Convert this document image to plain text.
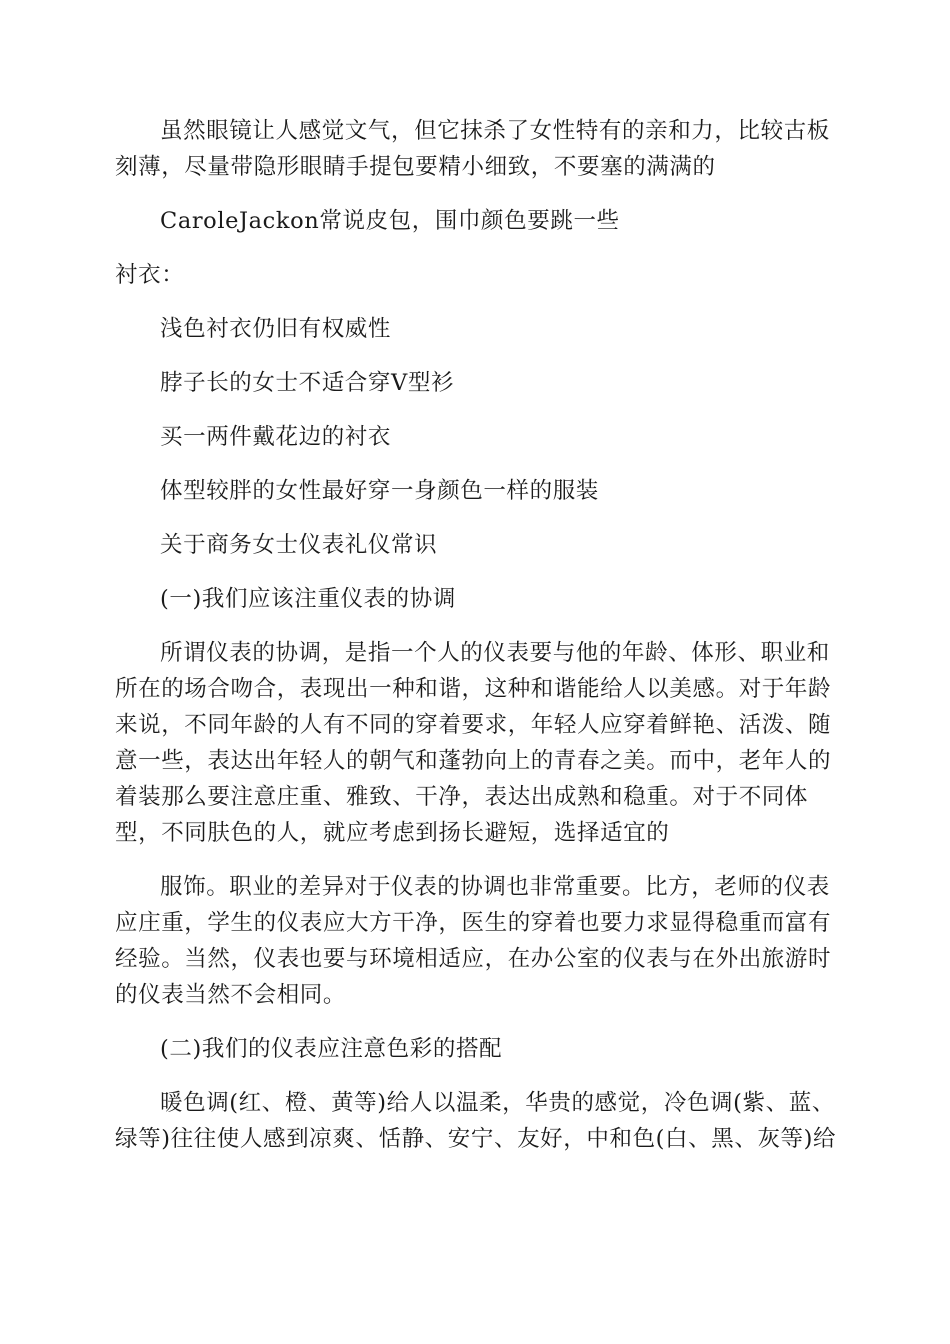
虽然眼镜让人感觉文气，但它抹杀了女性特有的亲和力，比较古板刻薄，尽量带隐形眼睛手提包要精小细致，不要塞的满满的

CaroleJackon常说皮包，围巾颜色要跳一些

衬衣：

浅色衬衣仍旧有权威性

脖子长的女士不适合穿V型衫

买一两件戴花边的衬衣

体型较胖的女性最好穿一身颜色一样的服装

关于商务女士仪表礼仪常识

(一)我们应该注重仪表的协调

所谓仪表的协调，是指一个人的仪表要与他的年龄、体形、职业和所在的场合吻合，表现出一种和谐，这种和谐能给人以美感。对于年龄来说，不同年龄的人有不同的穿着要求，年轻人应穿着鲜艳、活泼、随意一些，表达出年轻人的朝气和蓬勃向上的青春之美。而中，老年人的着装那么要注意庄重、雅致、干净，表达出成熟和稳重。对于不同体型，不同肤色的人，就应考虑到扬长避短，选择适宜的

服饰。职业的差异对于仪表的协调也非常重要。比方，老师的仪表应庄重，学生的仪表应大方干净，医生的穿着也要力求显得稳重而富有经验。当然，仪表也要与环境相适应，在办公室的仪表与在外出旅游时的仪表当然不会相同。

(二)我们的仪表应注意色彩的搭配

暖色调(红、橙、黄等)给人以温柔，华贵的感觉，冷色调(紫、蓝、绿等)往往使人感到凉爽、恬静、安宁、友好，中和色(白、黑、灰等)给
